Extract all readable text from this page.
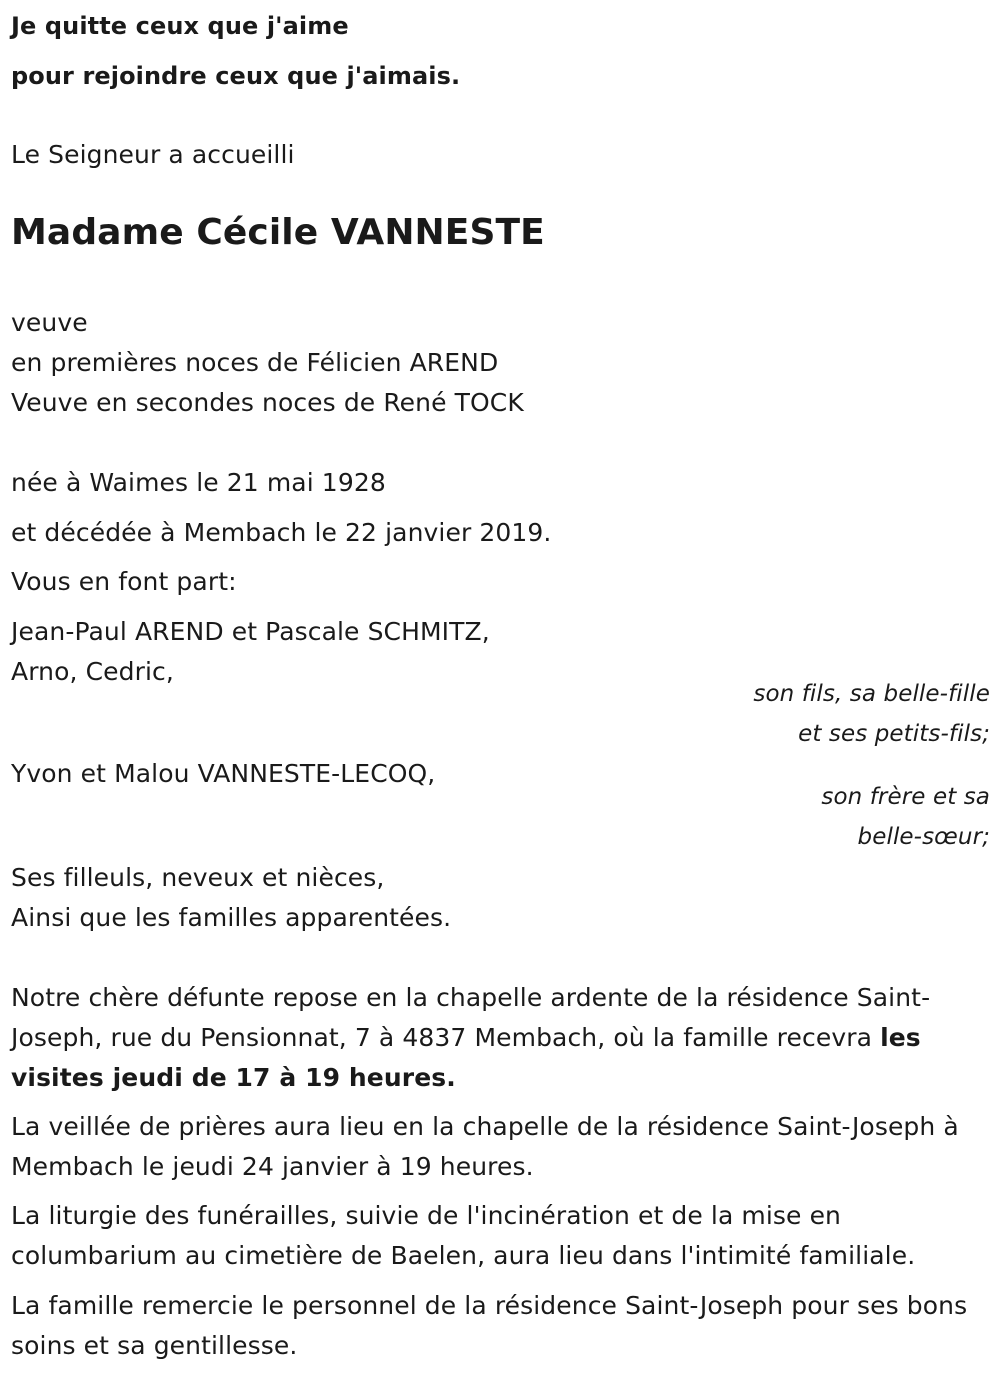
Je quitte ceux que j'aime
pour rejoindre ceux que j'aimais.
Le Seigneur a accueilli
Madame Cécile VANNESTE
veuve
en premières noces de Félicien AREND
Veuve en secondes noces de René TOCK
née à Waimes le 21 mai 1928
et décédée à Membach le 22 janvier 2019.
Vous en font part:
Jean-Paul AREND et Pascale SCHMITZ,
Arno, Cedric,
son fils, sa belle-fille
et ses petits-fils;
Yvon et Malou VANNESTE-LECOQ,
son frère et sa
belle-sœur;
Ses filleuls, neveux et nièces,
Ainsi que les familles apparentées.
Notre chère défunte repose en la chapelle ardente de la résidence Saint-Joseph, rue du Pensionnat, 7 à 4837 Membach, où la famille recevra les visites jeudi de 17 à 19 heures.
La veillée de prières aura lieu en la chapelle de la résidence Saint-Joseph à Membach le jeudi 24 janvier à 19 heures.
La liturgie des funérailles, suivie de l'incinération et de la mise en columbarium au cimetière de Baelen, aura lieu dans l'intimité familiale.
La famille remercie le personnel de la résidence Saint-Joseph pour ses bons soins et sa gentillesse.
